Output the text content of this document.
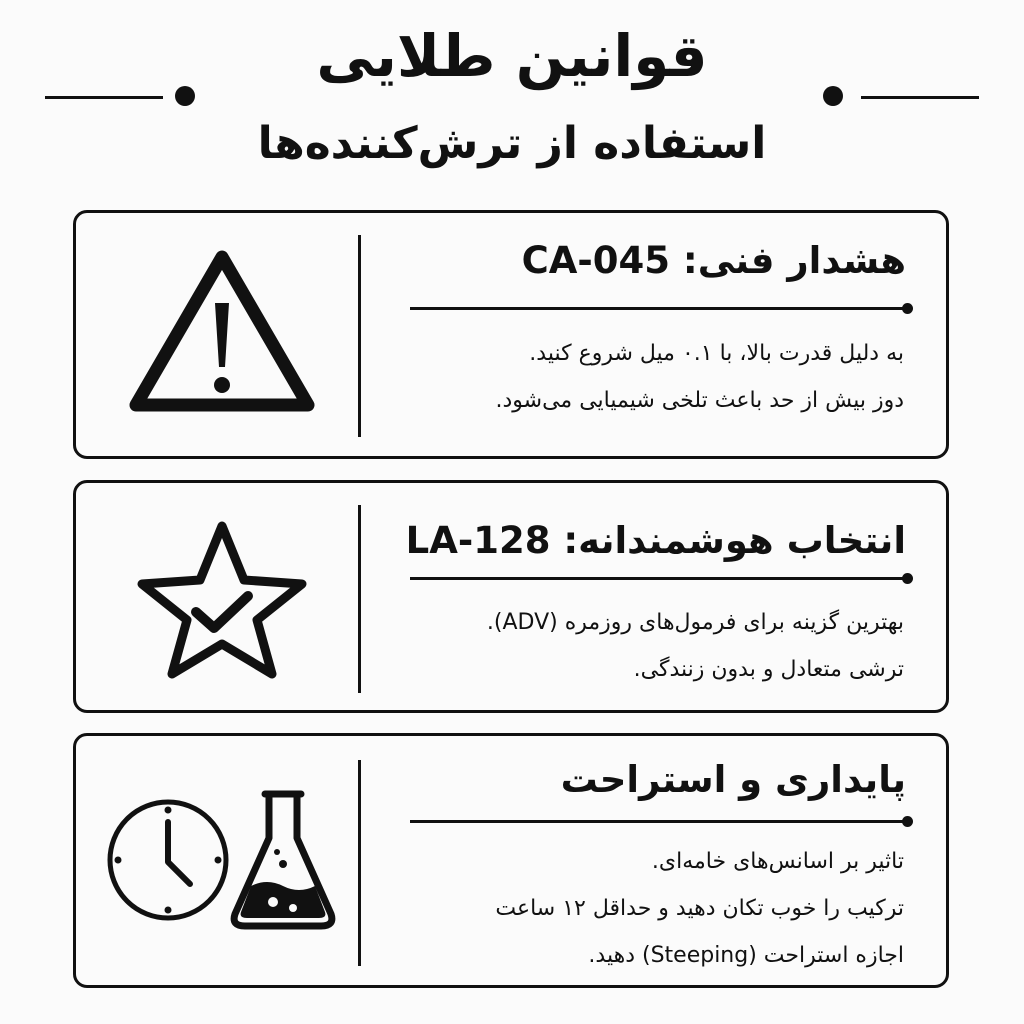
قوانین طلایی
استفاده از ترش‌کننده‌ها
هشدار فنی: CA-045
به دلیل قدرت بالا، با ۰.۱ میل شروع کنید.
دوز بیش از حد باعث تلخی شیمیایی می‌شود.
انتخاب هوشمندانه: LA-128
بهترین گزینه برای فرمول‌های روزمره (ADV).
ترشی متعادل و بدون زنندگی.
پایداری و استراحت
تاثیر بر اسانس‌های خامه‌ای.
ترکیب را خوب تکان دهید و حداقل ۱۲ ساعت
اجازه استراحت (Steeping) دهید.
